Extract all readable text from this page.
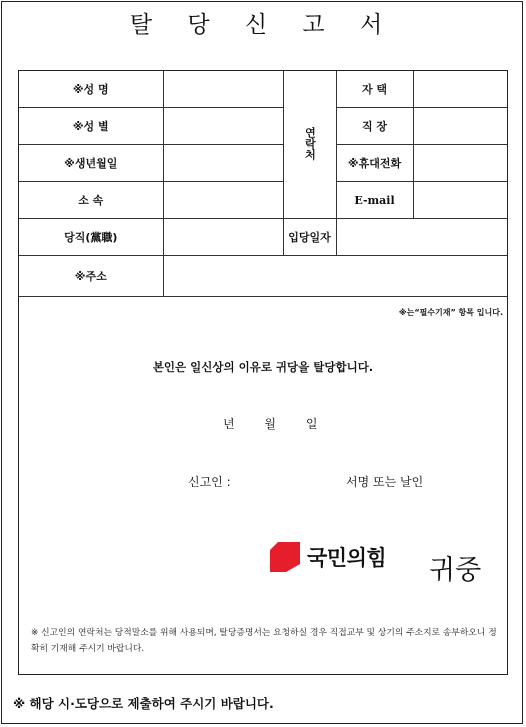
탈 당 신 고 서
※성 명		연락처	자 택	
※성 별			직 장	
※생년월일			※휴대전화	
소 속			E-mail	
당직(黨職)		입당일자		
※주소				
※는“필수기재” 항목 입니다.
본인은 일신상의 이유로 귀당을 탈당합니다.
년 월 일
신고인 :	서명 또는 날인
국민의힘 귀중
※ 신고인의 연락처는 당적말소를 위해 사용되며, 탈당증명서는 요청하실 경우 직접교부 및 상기의 주소지로 송부하오니 정확히 기재해 주시기 바랍니다.
※ 해당 시·도당으로 제출하여 주시기 바랍니다.
